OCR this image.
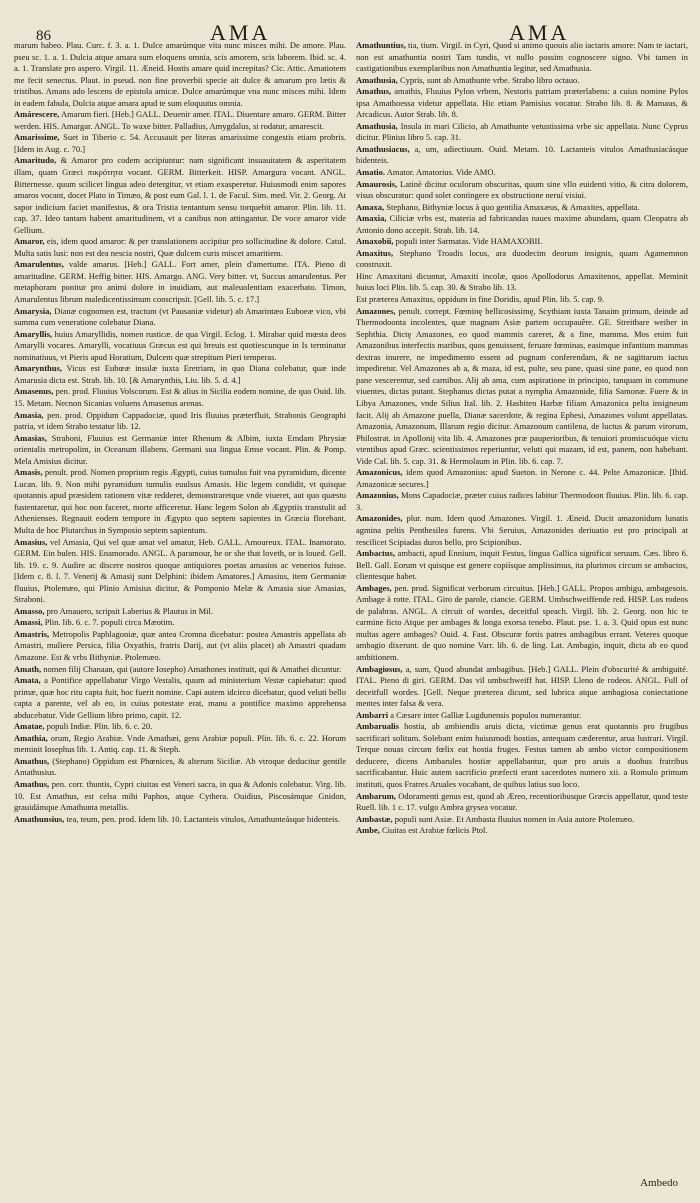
86	AMA	AMA

marum habeo. Plau. Curc. f. 3. a. 1. Dulce amarúmque vita nunc misces mihi. De amore. Plau. pseu sc. 1. a. 1. Dulcia atque amara sum eloquens omnia, scis amorem, scis laborem. Ibid. sc. 4. a. 1. Translate pro aspero. Virgil. 11. Æneid. Hostis amare quid increpitas? Cic. Attic. Amatiotem me fecit senectus. Plaut. in pseud. non fine proverbii specie ait dulce & amarum pro lætis & tristibus. Amans ado lescens de epistola amicæ. Dulce amarúmque vna nunc misces mihi. Idem in eadem fabula, Dulcia atque amara apud te sum eloquutus omnia.

Amárescere, Amarum fieri. [Heb.] GALL. Deuenir amer. ITAL. Diuentare amaro. GERM. Bitter werden. HIS. Amargar. ANGL. To waxe bitter. Palladius, Amygdalus, si rodatur, amarescit.

Amarissime, Suet in Tiberio c. 54. Accusauit per literas amarissime congestis etiam probris. [Idem in Aug. c. 70.]

Amaritudo, & Amaror pro codem accipiuntur: nam significant insuauitatem & asperitatem illam, quam Græci πικρότητα vocant. GERM. Bitterkeit. HISP. Amargura vocant. ANGL. Bitternesse. quum scilicet lingua adeo detergitur, vt etiam exasperetur. Huiusmodi enim sapores amaros vocant, docet Plato in Timæo, & post eum Gal. l. 1. de Facul. Sim. med. Vir. 2. Georg. At sapor indicium faciet manifestus, & ora Tristia tentantum sensu torquebit amaror. Plin. lib. 11. cap. 37. Ideo tantam habent amaritudinem, vt a canibus non attingantur. De voce amaror vide Gellium.

Amaror, eis, idem quod amaror: & per translationem accipitur pro sollicitudine & dolore. Catul. Multa satis lusi: non est dea nescia nostri, Quæ dulcem curis miscet amaritiem.

Amarulentus, valde amarus. [Heb.] GALL. Fort amer, plein d'amertume. ITA. Pieno di amaritudine. GERM. Heffig bitter. HIS. Amargo. ANG. Very bitter. vt, Succus amarulentus. Per metaphoram ponitur pro animi dolore in inuidiam, aut maleuolentiam exacerbato. Timon, Amarulentus librum maledicentissimum conscripsit. [Gell. lib. 5. c. 17.]

Amarysia, Dianæ cognomen est, tractum (vt Pausaniæ videtur) ab Amarintæo Euboeæ vico, vbi summa cum veneratione colebatur Diana.

Amaryllis, huius Amaryllidis, nomen rusticæ. de qua Virgil. Eclog. 1. Mirabar quid mœsta deos Amarylli vocares. Amarylli, vocatiuus Græcus est qui breuis est quotiescunque in Is terminatur nominatiuus, vt Pieris apud Horatium, Dulcem quæ strepitum Pieri temperas.

Amarynthus, Vicus est Eubœæ insulæ iuxta Eretriam, in quo Diana colebatur, quæ inde Amarusia dicta est. Strab. lib. 10. [& Amarynthis, Liu. lib. 5. d. 4.]

Amasenus, pen. prod. Fluuius Volscorum. Est & alius in Sicilia eodem nomine, de quo Ouid. lib. 15. Metam. Necnon Sicanias voluens Amasenus arenas.

Amasia, pen. prod. Oppidum Cappadociæ, quod Iris fluuius præterfluit, Strabonis Geographi patria, vt idem Strabo testatur lib. 12.

Amasias, Straboni, Fluuius est Germaniæ inter Rhenum & Albim, iuxta Emdam Phrysiæ orientalis metropolim, in Oceanum illabens. Germani sua lingua Emse vocant. Plin. & Pomp. Mela Amisius dicitur.

Amasis, penult. prod. Nomen proprium regis Ægypti, cuius tumulus fuit vna pyramidum, dicente Lucan. lib. 9. Non mihi pyramidum tumulis euulsus Amasis. Hic legem condidit, vt quisque quotannis apud præsidem rationem vitæ redderet, demonstraretque vnde viueret, aut quo quæstu fustentaretur, qui hoc non faceret, morte afficeretur. Hanc legem Solon ab Ægyptiis transtulit ad Athenienses. Regnauit eodem tempore in Ægypto quo septem sapientes in Græcia florebant. Multa de hoc Plutarchus in Symposio septem sapientum.

Amasius, vel Amasia, Qui vel quæ amat vel amatur, Heb. GALL. Amoureux. ITAL. Inamorato. GERM. Ein bulen. HIS. Enamorado. ANGL. A paramour, he or she that loveth, or is loued. Gell. lib. 19. c. 9. Audire ac discere nostros quoque antiquiores poetas amasios ac venerios fuisse. [Idem c. 8. l. 7. Venerij & Amasij sunt Delphini: ibidem Amatores.] Amasius, item Germaniæ fluuius, Ptolemæo, qui Plinio Amisius dicitur, & Pomponio Melæ & Amasia siue Amasias, Straboni.

Amasso, pro Amauero, scripsit Laberius & Plautus in Mil.

Amassi, Plin. lib. 6. c. 7. populi circa Mæotim.

Amastris, Metropolis Paphlagoniæ, quæ antea Cromna dicebatur: postea Amastris appellata ab Amastri, muliere Persica, filia Oxyathis, fratris Darij, aut (vt aliis placet) ab Amastri quadam Amazone. Est & vrbs Bithyniæ. Ptolemæo.

Amath, nomen filij Chanaan, qui (autore Iosepho) Amathones instituit, qui & Amathei dicuntur.

Amata, a Pontifice appellabatur Virgo Vestalis, quum ad ministerium Vestæ capiebatur: quod primæ, quæ hoc ritu capta fuit, hoc fuerit nomine. Capi autem idcirco dicebatur, quod veluti bello capta a parente, vel ab eo, in cuius potestate erat, manu a pontifice maximo apprehensa abducebatur. Vide Gellium libro primo, capit. 12.

Amatae, populi Indiæ. Plin. lib. 6. c. 20.

Amathia, orum, Regio Arabiæ. Vnde Amathæi, gens Arabiæ populi. Plin. lib. 6. c. 22. Horum meminit Iosephus lib. 1. Antiq. cap. 11. & Steph.

Amathus, (Stephano) Oppidum est Phœnices, & alterum Siciliæ. Ab vtroque deducitur gentile Amathusius.

Amathus, pen. corr. thuntis, Cypri ciuitas est Veneri sacra, in qua & Adonis colebatur. Virg. lib. 10. Est Amathus, est celsa mihi Paphos, atque Cythera. Ouidius, Piscosámque Gnidon, grauidámque Amathunta metallis.

Amathunsius, tea, teum, pen. prod. Idem lib. 10. Lactanteis vitulos, Amathunteásque bidenteis.

Amathuntius, tia, tium. Virgil. in Cyri, Quod si animo quouis alio iactaris amore: Nam te iactari, non est amathuntia nostri Tam tundis, vt nullo possim cognoscere signo. Vbi tamen in castigationibus exemplaribus non Amathuntia legitur, sed Amathusia.

Amathusia, Cypris, sunt ab Amathunte vrbe. Strabo libro octauo.

Amathus, amathis, Fluuius Pylon vrbem, Nestoris patriam præterlabens: a cuius nomine Pylos ipsa Amathoessa videtur appellata. Hic etiam Pamisius vocatur. Strabo lib. 8. & Mamaus, & Arcadicus. Autor Strab. lib. 8.

Amathusia, Insula in mari Cilicio, ab Amathunte vetustissima vrbe sic appellata. Nunc Cyprus dicitur. Plinius libro 5. cap. 31.

Amathusiacus, a, um, adiectiuum. Ouid. Metam. 10. Lactanteis vitulos Amathusiacásque bidenteis.

Amatio. Amator. Amatorius. Vide AMO.

Amaurosis, Latinè dicitur oculorum obscuritas, quum sine vllo euidenti vitio, & citra dolorem, visus obscuratur: quod solet contingere ex obstructione neruí visiui.

Amaxa, Stephano, Bithyniæ locus à quo gentilia Amaxæus, & Amaxites, appellata.

Amaxia, Ciliciæ vrbs est, materia ad fabricandas naues maxime abundans, quam Cleopatra ab Antonio dono accepit. Strab. lib. 14.

Amaxobii, populi inter Sarmatas. Vide HAMAXOBII.

Amaxitus, Stephano Troadis locus, ara duodecim deorum insignis, quam Agamemnon construxit.

Hinc Amaxitani dicuntur, Amaxiti incolæ, quos Apollodorus Amaxitenos, appellat. Meminit huius loci Plin. lib. 5. cap. 30. & Strabo lib. 13.

Est præterea Amaxitus, oppidum in fine Doridis, apud Plin. lib. 5. cap. 9.

Amazones, penult. corrept. Fœminę bellicosissimę, Scythiam iuxta Tanaim primum, deinde ad Thermodoonta incolentes, quæ magnam Asiæ partem occupauêre. GE. Streitbare weiber in Sephthia. Dictę Amazones, eo quod mammis careret, & a fine, mamma. Mos enim fuit Amazonibus interfectis maribus, quos genuissent, feruare fœminas, easimque infantium mammas dextras inurere, ne impedimento essent ad pugnam conferendam, & ne sagittarum iactus impediretur. Vel Amazones ab a, & maza, id est, pulte, seu pane, quasi sine pane, eo quod non pane vescerentur, sed carnibus. Alij ab ama, cum aspiratione in principio, tanquam in commune viuentes, dictas putant. Stephanus dictas putat a nympha Amazonide, filia Samonæ. Fuere & in Libya Amazones, vnde Silius Ital. lib. 2. Hasbiten Harbæ filiam Amazonica pelta insigneum facit. Alij ab Amazone puella, Dianæ sacerdote, & regina Ephesi, Amazones volunt appellatas. Amazonia, Amazonum, Illarum regio dicitur. Amazonum cantilena, de luctus & parum virorum, Philostrat. in Apollonij vita lib. 4. Amazones præ pauperioribus, & tenuiori promiscuóque victu vtentibus apud Græc. scientissimos reperiuntur, veluti qui mazam, id est, panem, non habebant. Vide Cal. lib. 5. cap. 31. & Hermolaum in Plin. lib. 6. cap. 7.

Amazonicus, idem quod Amazonius: apud Sueton. in Nerone c. 44. Pelte Amazonicæ. [Ibid. Amazonicæ secures.]

Amazonius, Mons Capadociæ, præter cuius radices labitur Thermodoon fluuius. Plin. lib. 6. cap. 3.

Amazonides, plur. num. Idem quod Amazones. Virgil. 1. Æneid. Ducit amazonidum lunatis agmina peltis Penthesilea furens. Vbi Seruius, Amazonides deriuatio est pro principali at rescilicet Scipiadas duros bello, pro Scipionibus.

Ambactus, ambacti, apud Ennium, inquit Festus, lingua Gallica significat seruum. Cæs. libro 6. Bell. Gall. Eorum vt quisque est genere copiísque amplissimus, ita plurimos circum se ambactos, clientesque habet.

Ambages, pen. prod. Significat verborum circuitus. [Heb.] GALL. Propos ambigu, ambagesois. Ambage à rotte. ITAL. Giro de parole, ciancie. GERM. Umbschweiffende red. HISP. Los rodeos de palabras. ANGL. A circuit of wordes, deceitful speach. Virgil. lib. 2. Georg. non hic te carmine ficto Atque per ambages & longa exorsa tenebo. Plaut. pse. 1. a. 3. Quid opus est nunc multas agere ambages? Ouid. 4. Fast. Obscuræ fortis patres ambagibus errant. Veteres quoque ambagio dixerunt. de quo nomine Varr. lib. 6. de ling. Lat. Ambagio, inquit, dicta ab eo quod ambitionem.

Ambagiosus, a, sum, Quod abundat ambagibus. [Heb.] GALL. Plein d'obscurité & ambiguité. ITAL. Pieno di giri. GERM. Das vil umbschweiff hat. HISP. Lleno de rodeos. ANGL. Full of deceitfull wordes. [Gell. Neque præterea dicunt, sed lubrica atque ambagiosa coniectatione mentes inter falsa & vera.

Ambarri a Cæsare inter Galliæ Lugdunensis populos numerantur.

Ambarualis hostia, ab ambiendis aruis dicta, victimæ genus erat quotannis pro frugibus sacrificari solitum. Solebant enim huiusmodi hostias, antequam cæderentur, arua lustrari. Virgil. Terque nouas circum fœlix eat hostia fruges. Festus tamen ab ambo victor compositionem deducere, dicens Ambarules hostiæ appellabantur, quæ pro aruis a duobus fratribus sacrificabantur. Huic autem sacrificio præfecti erant sacerdotes numero xii. a Romulo primum instituti, quos Fratres Aruales vocabant, de quibus latius suo loco.

Ambarum, Odoramenti genus est, quod ab Æreo, recentioribusque Græcis appellatur, quod teste Ruell. lib. 1 c. 17. vulgo Ambra grysea vocatur.

Ambastæ, populi sunt Asiæ. Et Ambasta fluuius nomen in Asia autore Ptolemæo.

Ambe, Ciuitas est Arabiæ fœlicis Ptol.

Ambedo
